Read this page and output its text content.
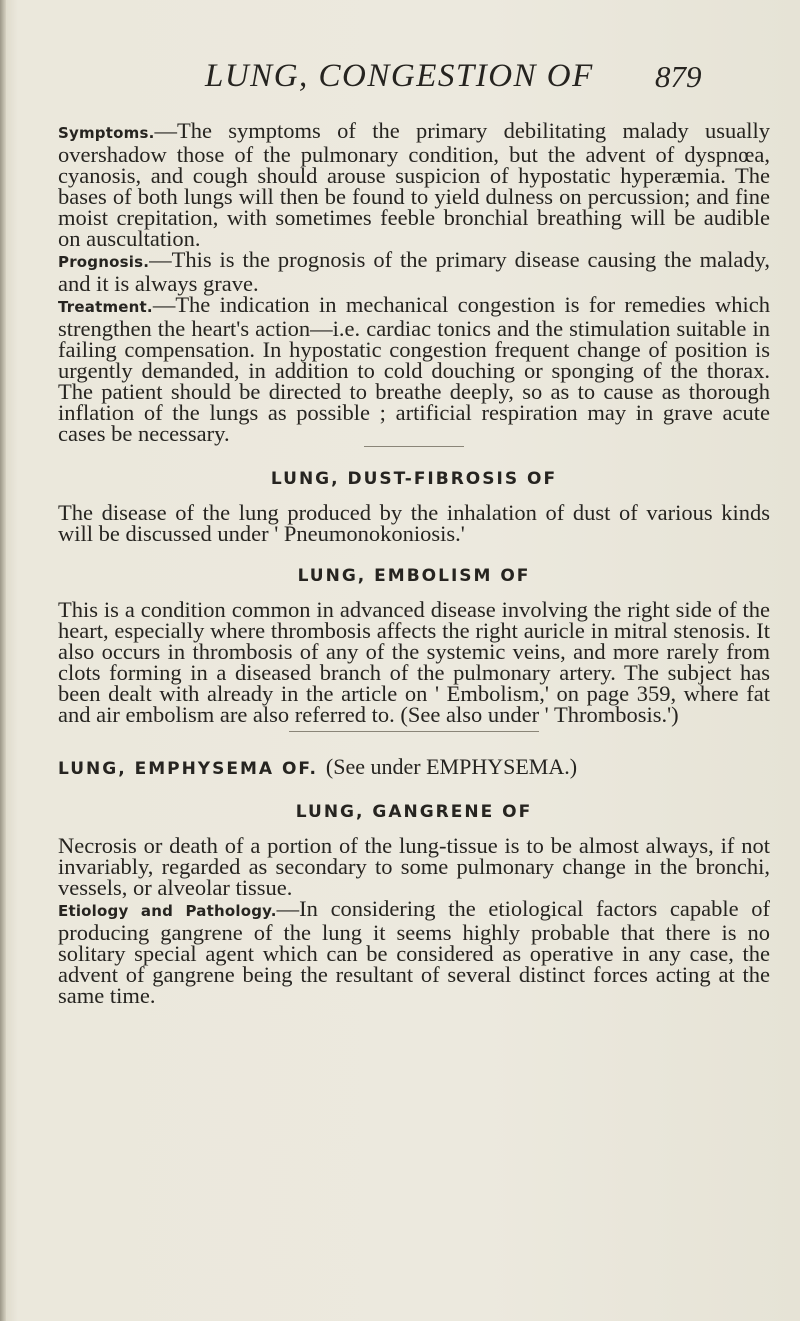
LUNG, CONGESTION OF 879

Symptoms.—The symptoms of the primary debilitating malady usually overshadow those of the pulmonary condition, but the advent of dyspnœa, cyanosis, and cough should arouse suspicion of hypostatic hyperæmia. The bases of both lungs will then be found to yield dulness on percussion; and fine moist crepitation, with sometimes feeble bronchial breathing will be audible on auscultation.

Prognosis.—This is the prognosis of the primary disease causing the malady, and it is always grave.

Treatment.—The indication in mechanical congestion is for remedies which strengthen the heart's action—i.e. cardiac tonics and the stimulation suitable in failing compensation. In hypostatic congestion frequent change of position is urgently demanded, in addition to cold douching or sponging of the thorax. The patient should be directed to breathe deeply, so as to cause as thorough inflation of the lungs as possible ; artificial respiration may in grave acute cases be necessary.

LUNG, DUST-FIBROSIS OF

The disease of the lung produced by the inhalation of dust of various kinds will be discussed under ' Pneumonokoniosis.'

LUNG, EMBOLISM OF

This is a condition common in advanced disease involving the right side of the heart, especially where thrombosis affects the right auricle in mitral stenosis. It also occurs in thrombosis of any of the systemic veins, and more rarely from clots forming in a diseased branch of the pulmonary artery. The subject has been dealt with already in the article on ' Embolism,' on page 359, where fat and air embolism are also referred to. (See also under ' Thrombosis.')

LUNG, EMPHYSEMA OF. (See under EMPHYSEMA.)
LUNG, GANGRENE OF

Necrosis or death of a portion of the lung-tissue is to be almost always, if not invariably, regarded as secondary to some pulmonary change in the bronchi, vessels, or alveolar tissue.

Etiology and Pathology.—In considering the etiological factors capable of producing gangrene of the lung it seems highly probable that there is no solitary special agent which can be considered as operative in any case, the advent of gangrene being the resultant of several distinct forces acting at the same time.
